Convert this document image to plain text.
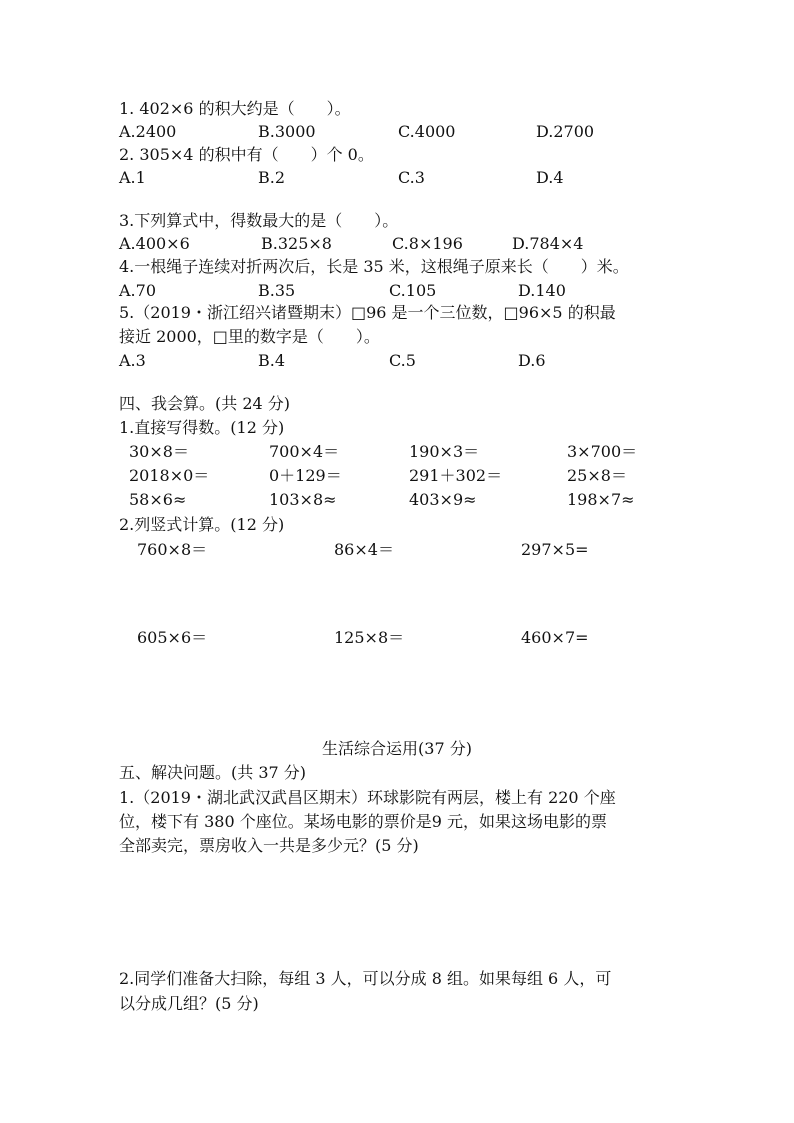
1. 402×6 的积大约是（　　）。
A.2400	B.3000	C.4000	D.2700
2. 305×4 的积中有（　　）个 0。
A.1	B.2	C.3	D.4
3.下列算式中，得数最大的是（　　）。
A.400×6	B.325×8	C.8×196	D.784×4
4.一根绳子连续对折两次后，长是 35 米，这根绳子原来长（　　）米。
A.70	B.35	C.105	D.140
5.（2019・浙江绍兴诸暨期末）□96 是一个三位数，□96×5 的积最
接近 2000，□里的数字是（　　）。
A.3	B.4	C.5	D.6
四、我会算。(共 24 分)
1.直接写得数。(12 分)
30×8＝	700×4＝	190×3＝	3×700＝
2018×0＝	0＋129＝	291＋302＝	25×8＝
58×6≈	103×8≈	403×9≈	198×7≈
2.列竖式计算。(12 分)
760×8＝	86×4＝	297×5=
605×6＝	125×8＝	460×7=
生活综合运用(37 分)
五、解决问题。(共 37 分)
1.（2019・湖北武汉武昌区期末）环球影院有两层，楼上有 220 个座
位，楼下有 380 个座位。某场电影的票价是9 元，如果这场电影的票
全部卖完，票房收入一共是多少元？(5 分)
2.同学们准备大扫除，每组 3 人，可以分成 8 组。如果每组 6 人，可
以分成几组？(5 分)
